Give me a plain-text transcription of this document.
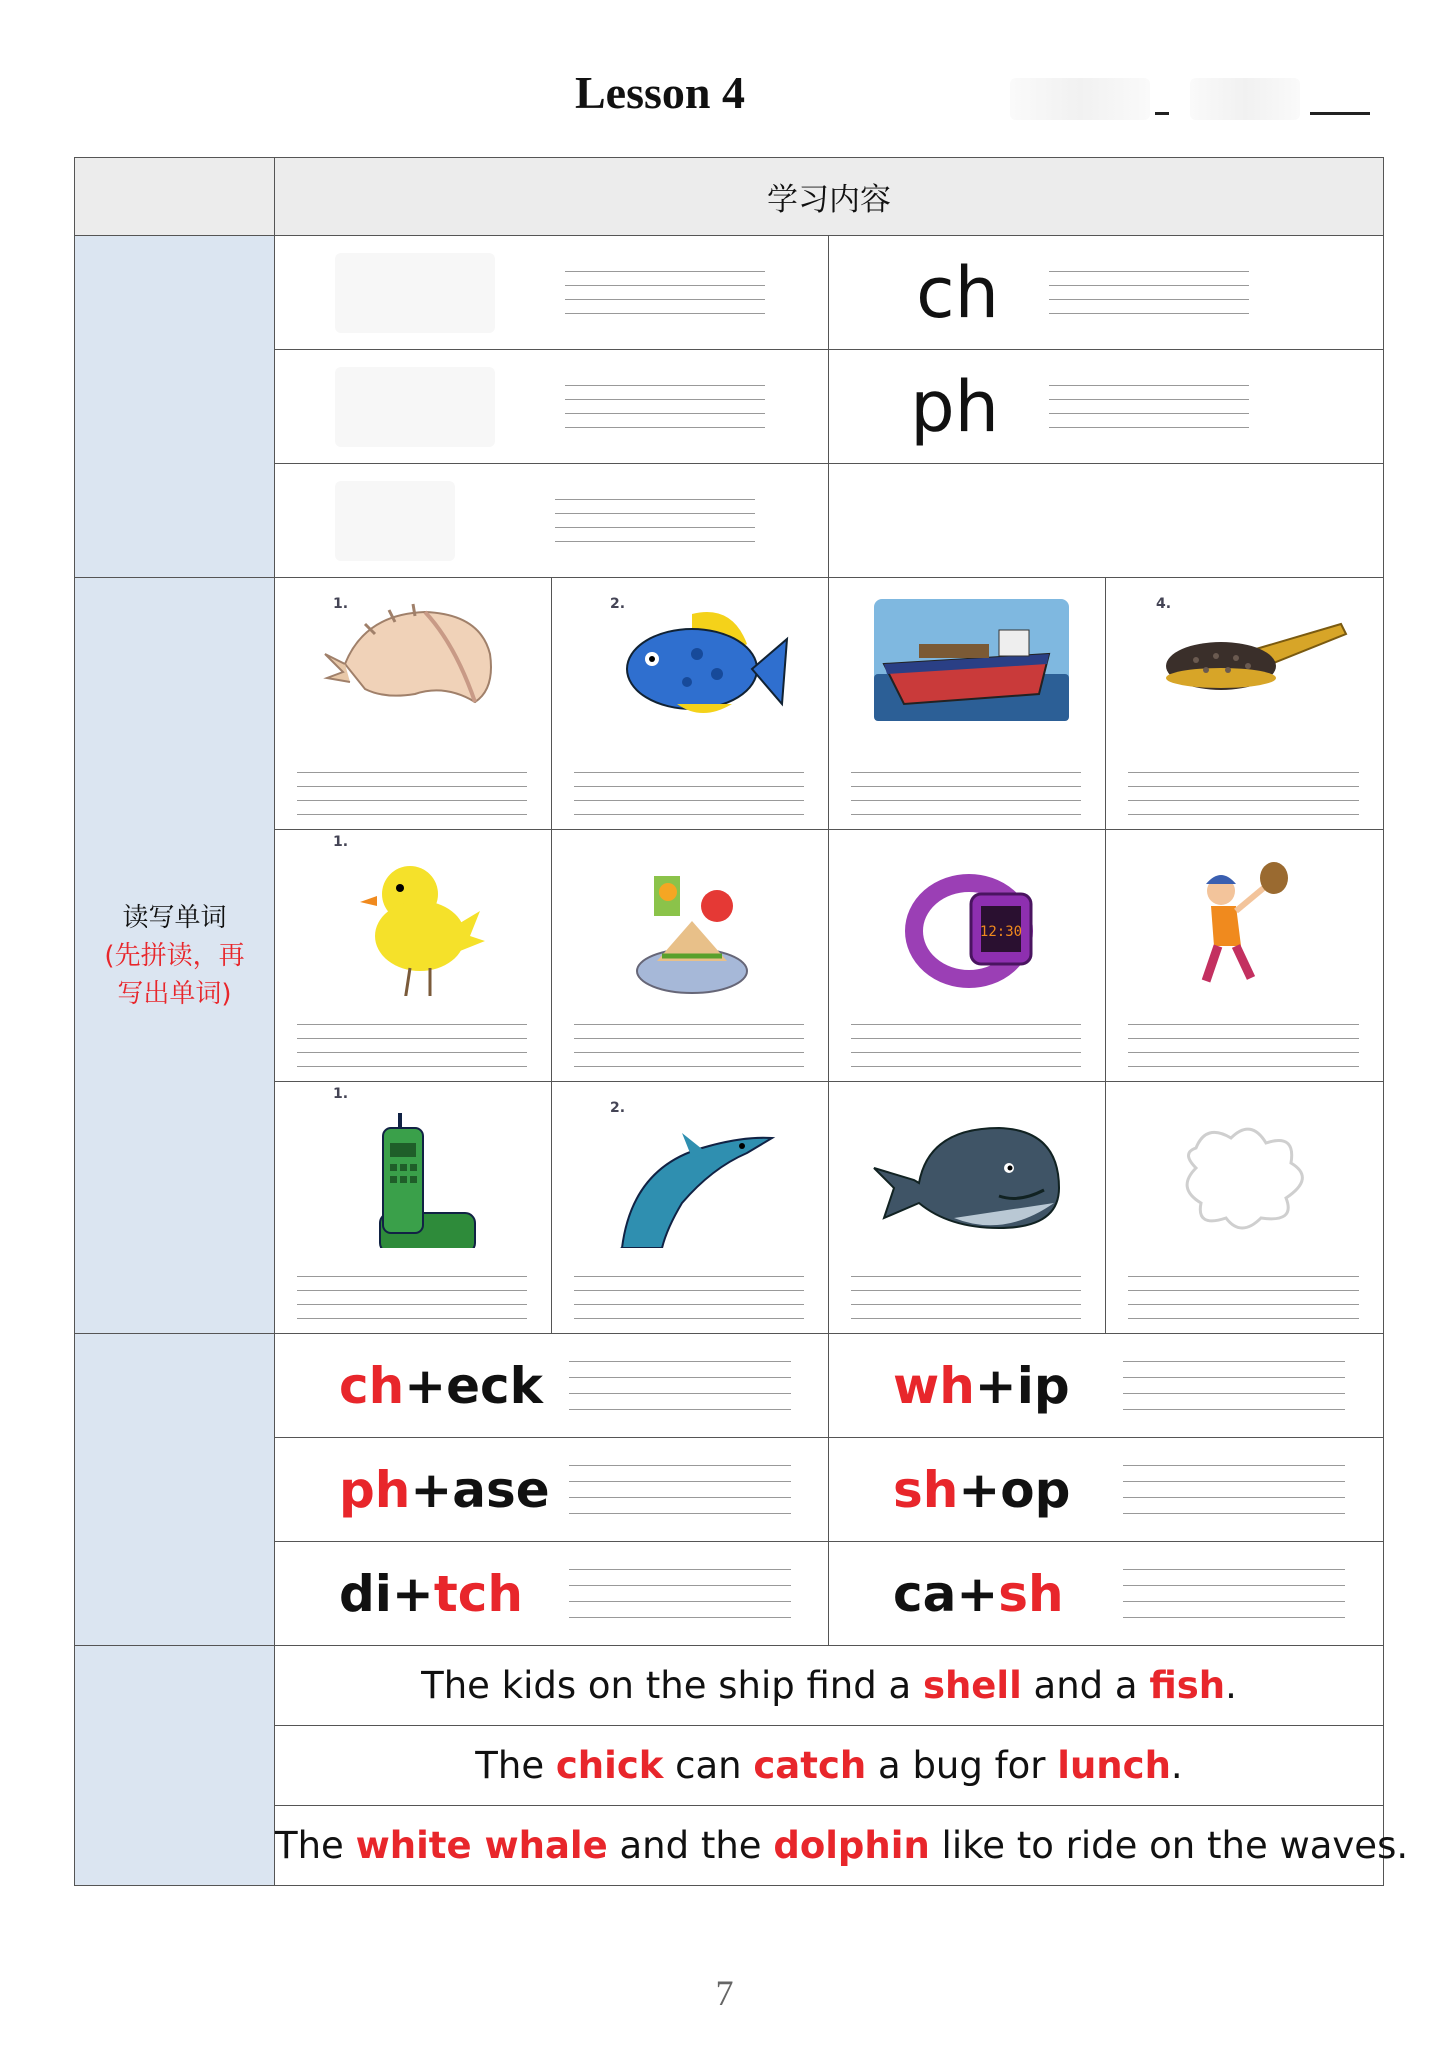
Lesson 4
	学习内容			

			ch	

			ph	

读写单词
(先拼读，再
写出单词)	1.	2.		4.

	1.		12:30

	1.	2.

	ch+eck		wh+ip	

	ph+ase		sh+op	

	di+tch		ca+sh	

	The kids on the ship find a shell and a fish.			
	The chick can catch a bug for lunch.			
	The white whale and the dolphin like to ride on the waves.			
7
